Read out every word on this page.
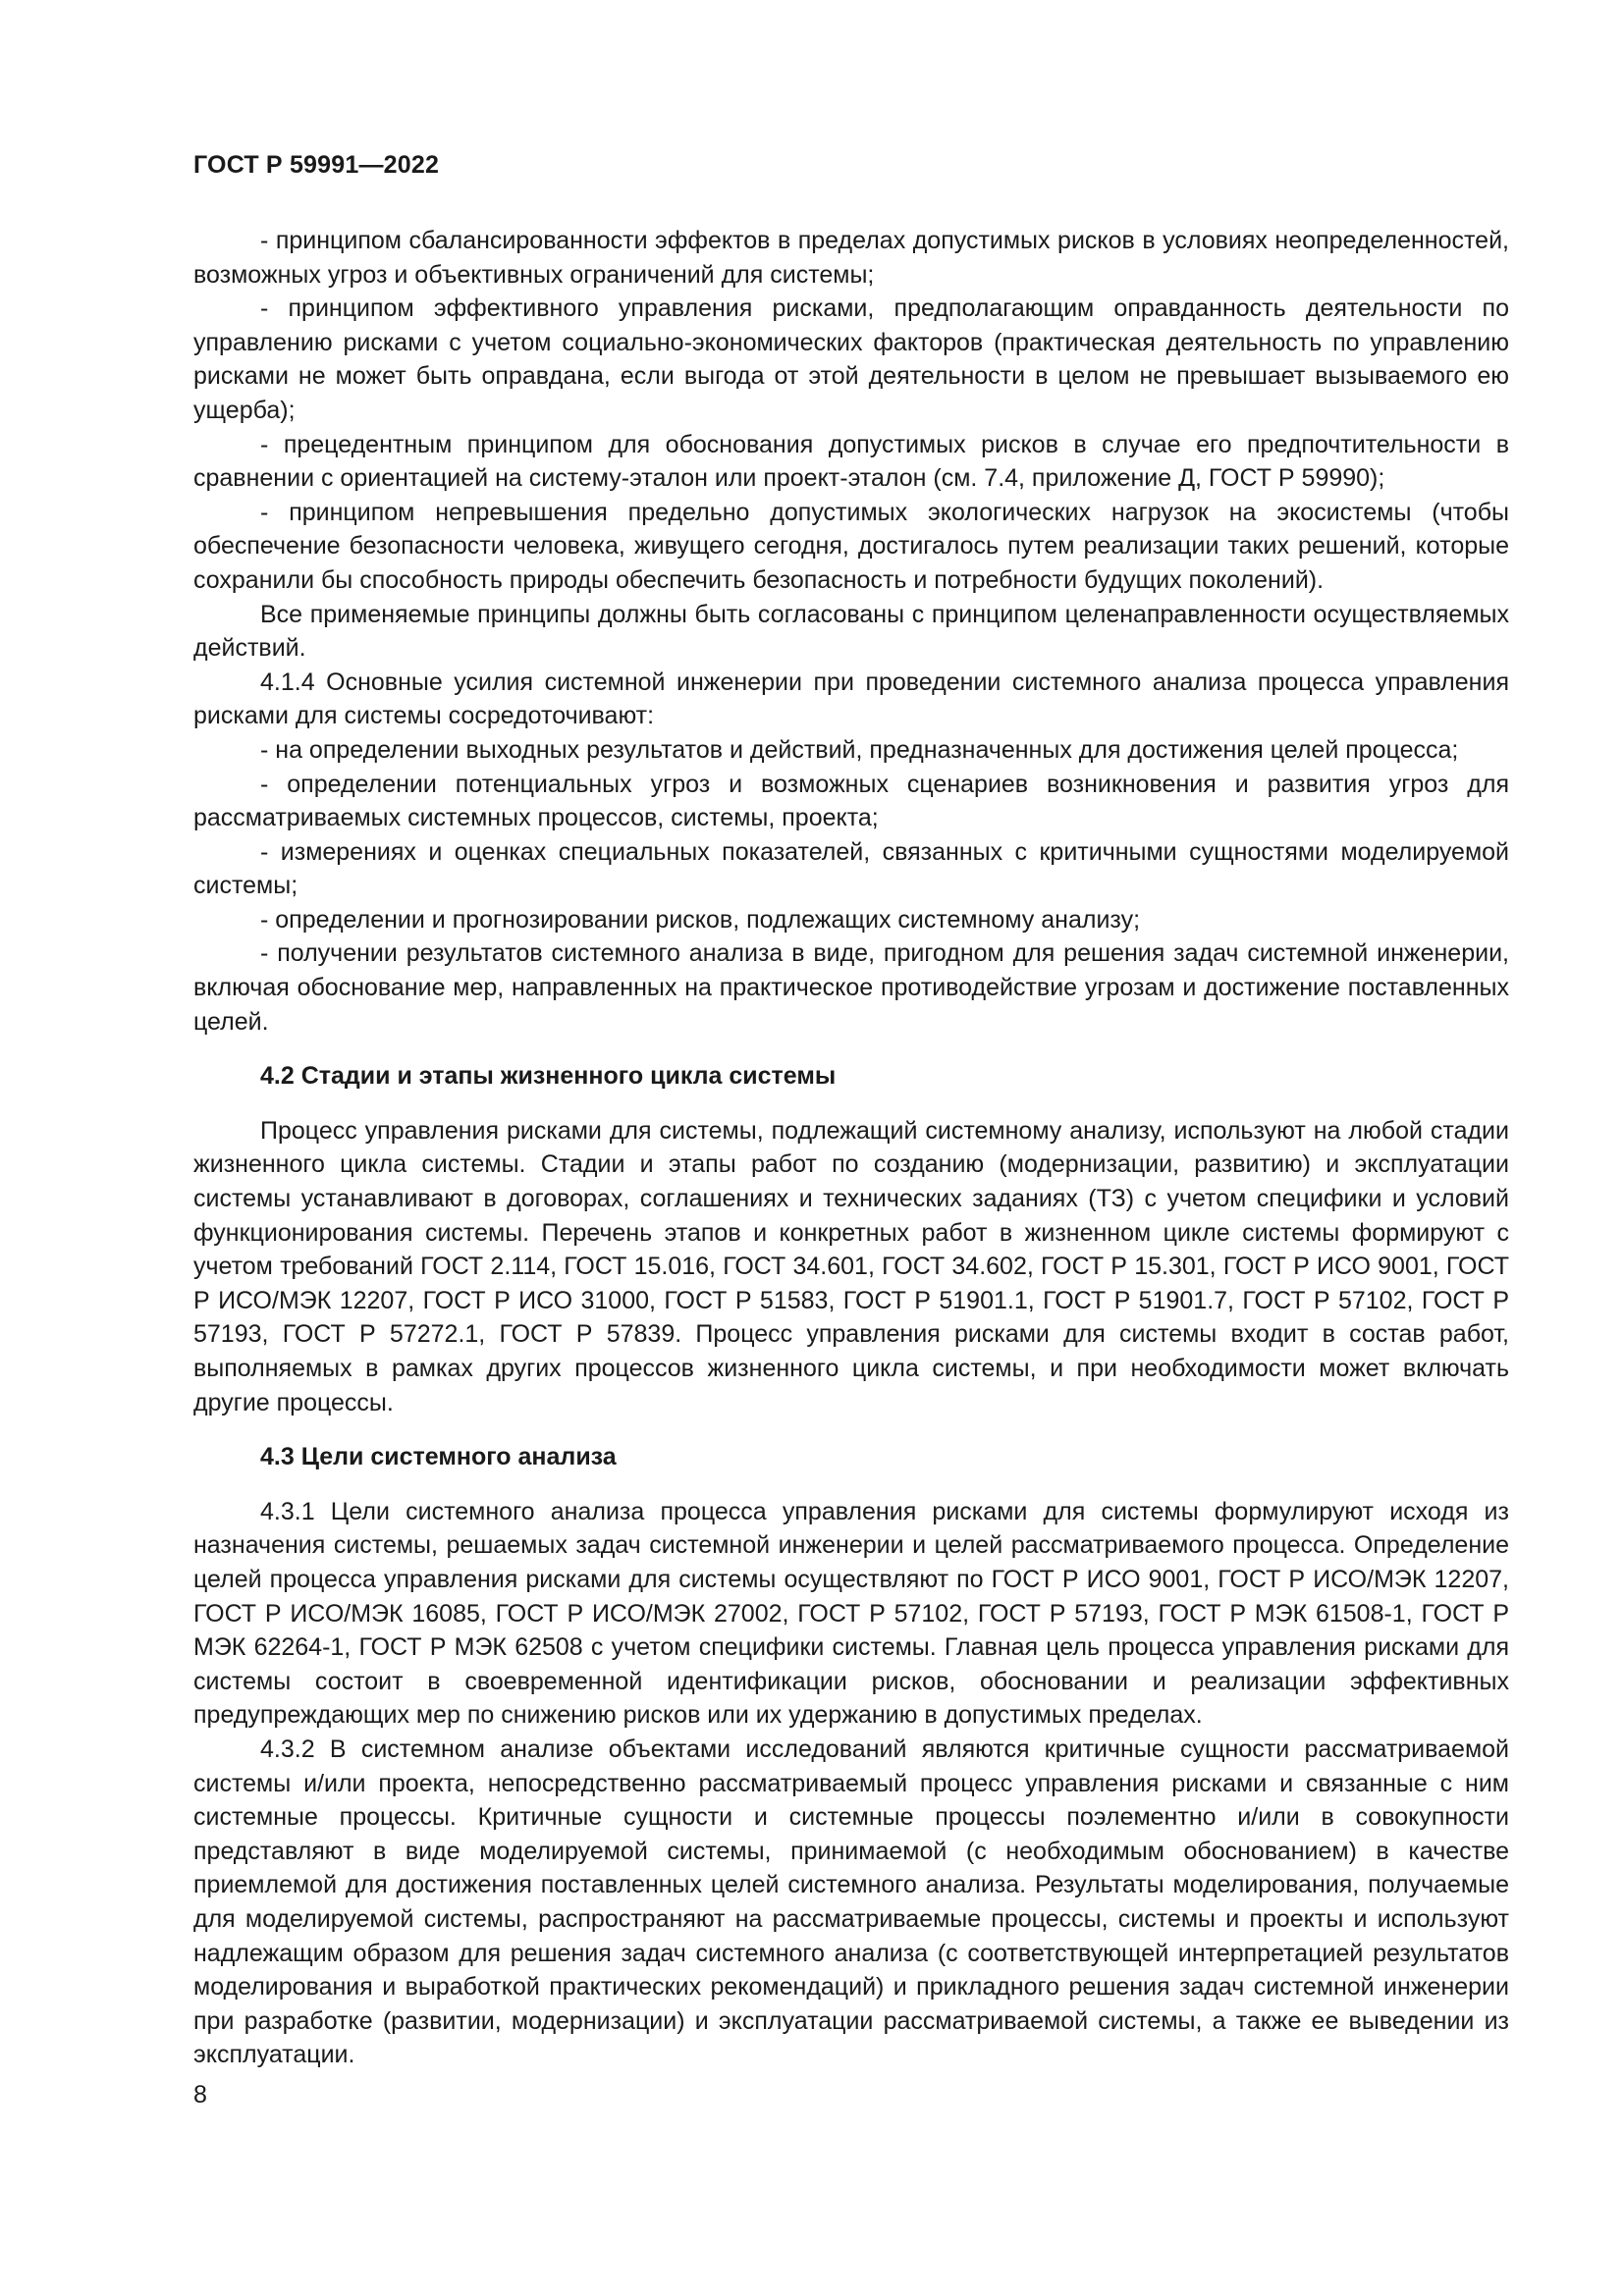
ГОСТ Р 59991—2022

- принципом сбалансированности эффектов в пределах допустимых рисков в условиях неопределенностей, возможных угроз и объективных ограничений для системы;

- принципом эффективного управления рисками, предполагающим оправданность деятельности по управлению рисками с учетом социально-экономических факторов (практическая деятельность по управлению рисками не может быть оправдана, если выгода от этой деятельности в целом не превышает вызываемого ею ущерба);

- прецедентным принципом для обоснования допустимых рисков в случае его предпочтительности в сравнении с ориентацией на систему-эталон или проект-эталон (см. 7.4, приложение Д, ГОСТ Р 59990);

- принципом непревышения предельно допустимых экологических нагрузок на экосистемы (чтобы обеспечение безопасности человека, живущего сегодня, достигалось путем реализации таких решений, которые сохранили бы способность природы обеспечить безопасность и потребности будущих поколений).

Все применяемые принципы должны быть согласованы с принципом целенаправленности осуществляемых действий.

4.1.4 Основные усилия системной инженерии при проведении системного анализа процесса управления рисками для системы сосредоточивают:

- на определении выходных результатов и действий, предназначенных для достижения целей процесса;

- определении потенциальных угроз и возможных сценариев возникновения и развития угроз для рассматриваемых системных процессов, системы, проекта;

- измерениях и оценках специальных показателей, связанных с критичными сущностями моделируемой системы;

- определении и прогнозировании рисков, подлежащих системному анализу;

- получении результатов системного анализа в виде, пригодном для решения задач системной инженерии, включая обоснование мер, направленных на практическое противодействие угрозам и достижение поставленных целей.

4.2 Стадии и этапы жизненного цикла системы

Процесс управления рисками для системы, подлежащий системному анализу, используют на любой стадии жизненного цикла системы. Стадии и этапы работ по созданию (модернизации, развитию) и эксплуатации системы устанавливают в договорах, соглашениях и технических заданиях (ТЗ) с учетом специфики и условий функционирования системы. Перечень этапов и конкретных работ в жизненном цикле системы формируют с учетом требований ГОСТ 2.114, ГОСТ 15.016, ГОСТ 34.601, ГОСТ 34.602, ГОСТ Р 15.301, ГОСТ Р ИСО 9001, ГОСТ Р ИСО/МЭК 12207, ГОСТ Р ИСО 31000, ГОСТ Р 51583, ГОСТ Р 51901.1, ГОСТ Р 51901.7, ГОСТ Р 57102, ГОСТ Р 57193, ГОСТ Р 57272.1, ГОСТ Р 57839. Процесс управления рисками для системы входит в состав работ, выполняемых в рамках других процессов жизненного цикла системы, и при необходимости может включать другие процессы.

4.3 Цели системного анализа

4.3.1 Цели системного анализа процесса управления рисками для системы формулируют исходя из назначения системы, решаемых задач системной инженерии и целей рассматриваемого процесса. Определение целей процесса управления рисками для системы осуществляют по ГОСТ Р ИСО 9001, ГОСТ Р ИСО/МЭК 12207, ГОСТ Р ИСО/МЭК 16085, ГОСТ Р ИСО/МЭК 27002, ГОСТ Р 57102, ГОСТ Р 57193, ГОСТ Р МЭК 61508-1, ГОСТ Р МЭК 62264-1, ГОСТ Р МЭК 62508 с учетом специфики системы. Главная цель процесса управления рисками для системы состоит в своевременной идентификации рисков, обосновании и реализации эффективных предупреждающих мер по снижению рисков или их удержанию в допустимых пределах.

4.3.2 В системном анализе объектами исследований являются критичные сущности рассматриваемой системы и/или проекта, непосредственно рассматриваемый процесс управления рисками и связанные с ним системные процессы. Критичные сущности и системные процессы поэлементно и/или в совокупности представляют в виде моделируемой системы, принимаемой (с необходимым обоснованием) в качестве приемлемой для достижения поставленных целей системного анализа. Результаты моделирования, получаемые для моделируемой системы, распространяют на рассматриваемые процессы, системы и проекты и используют надлежащим образом для решения задач системного анализа (с соответствующей интерпретацией результатов моделирования и выработкой практических рекомендаций) и прикладного решения задач системной инженерии при разработке (развитии, модернизации) и эксплуатации рассматриваемой системы, а также ее выведении из эксплуатации.

8
